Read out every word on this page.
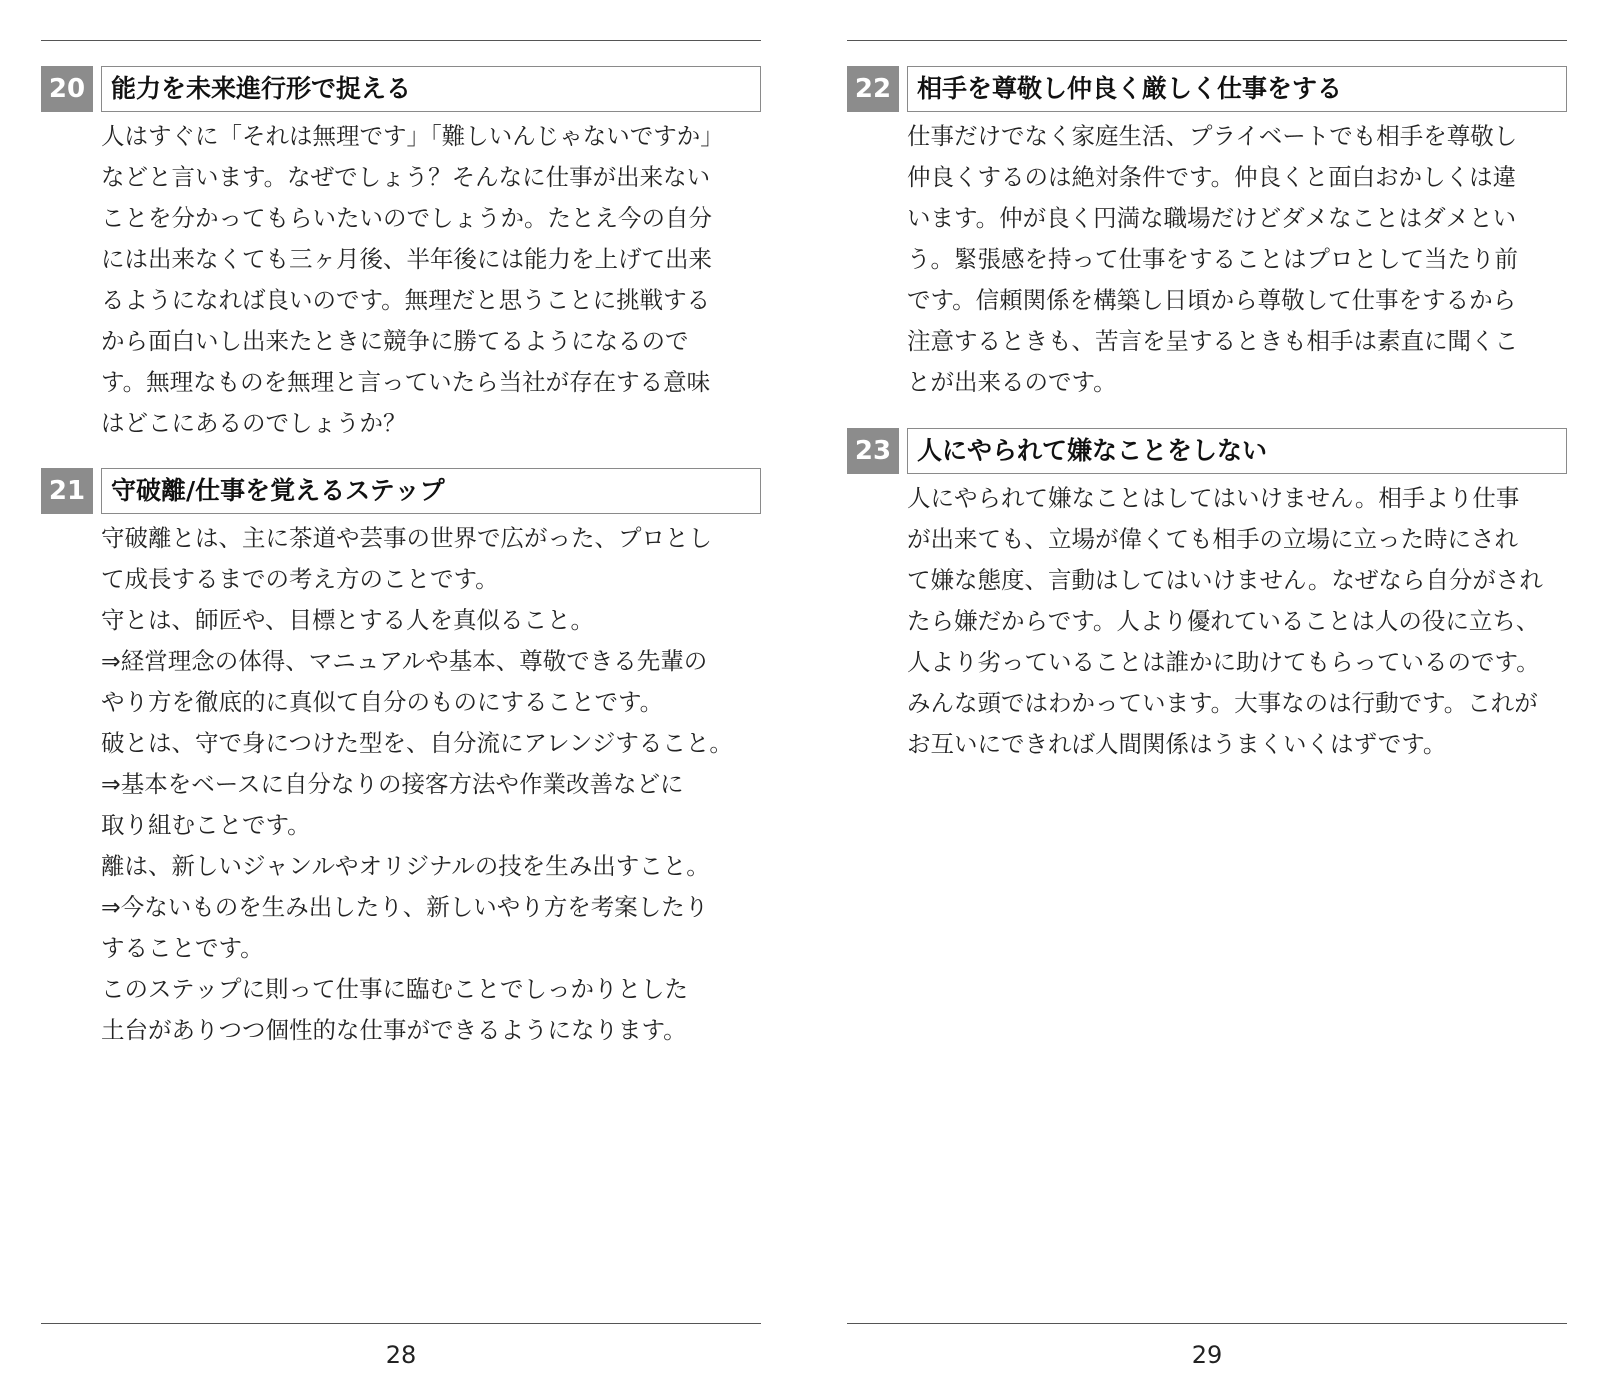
20	能力を未来進行形で捉える
人はすぐに「それは無理です」「難しいんじゃないですか」
などと言います。なぜでしょう？そんなに仕事が出来ない
ことを分かってもらいたいのでしょうか。たとえ今の自分
には出来なくても三ヶ月後、半年後には能力を上げて出来
るようになれば良いのです。無理だと思うことに挑戦する
から面白いし出来たときに競争に勝てるようになるので
す。無理なものを無理と言っていたら当社が存在する意味
はどこにあるのでしょうか？
21	守破離/仕事を覚えるステップ
守破離とは、主に茶道や芸事の世界で広がった、プロとし
て成長するまでの考え方のことです。
守とは、師匠や、目標とする人を真似ること。
⇒経営理念の体得、マニュアルや基本、尊敬できる先輩の
やり方を徹底的に真似て自分のものにすることです。
破とは、守で身につけた型を、自分流にアレンジすること。
⇒基本をベースに自分なりの接客方法や作業改善などに
取り組むことです。
離は、新しいジャンルやオリジナルの技を生み出すこと。
⇒今ないものを生み出したり、新しいやり方を考案したり
することです。
このステップに則って仕事に臨むことでしっかりとした
土台がありつつ個性的な仕事ができるようになります。
28
22	相手を尊敬し仲良く厳しく仕事をする
仕事だけでなく家庭生活、プライベートでも相手を尊敬し
仲良くするのは絶対条件です。仲良くと面白おかしくは違
います。仲が良く円満な職場だけどダメなことはダメとい
う。緊張感を持って仕事をすることはプロとして当たり前
です。信頼関係を構築し日頃から尊敬して仕事をするから
注意するときも、苦言を呈するときも相手は素直に聞くこ
とが出来るのです。
23	人にやられて嫌なことをしない
人にやられて嫌なことはしてはいけません。相手より仕事
が出来ても、立場が偉くても相手の立場に立った時にされ
て嫌な態度、言動はしてはいけません。なぜなら自分がされ
たら嫌だからです。人より優れていることは人の役に立ち、
人より劣っていることは誰かに助けてもらっているのです。
みんな頭ではわかっています。大事なのは行動です。これが
お互いにできれば人間関係はうまくいくはずです。
29
